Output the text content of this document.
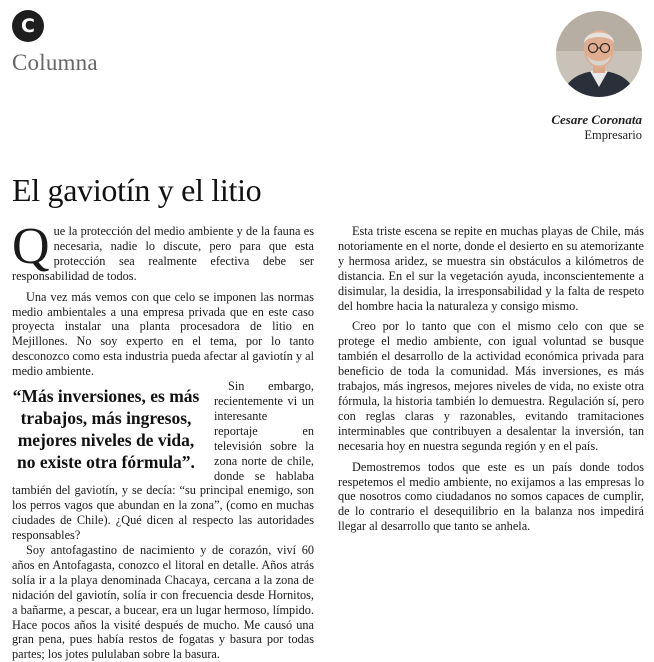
C
Columna
Cesare Coronata
Empresario
El gaviotín y el litio

Q ue la protección del medio ambiente y de la fauna es necesaria, nadie lo discute, pero para que esta protección sea realmente efectiva debe ser responsabilidad de todos.

Una vez más vemos con que celo se imponen las normas medio ambientales a una empresa privada que en este caso proyecta instalar una planta procesadora de litio en Mejillones. No soy experto en el tema, por lo tanto desconozco como esta industria pueda afectar al gaviotín y al medio ambiente.

“Más inversiones, es más trabajos, más ingresos, mejores niveles de vida, no existe otra fórmula”.

Sin embargo, recientemente vi un interesante reportaje en televisión sobre la zona norte de chile, donde se hablaba también del gaviotín, y se decía: “su principal enemigo, son los perros vagos que abundan en la zona”, (como en muchas ciudades de Chile). ¿Qué dicen al respecto las autoridades responsables?

Soy antofagastino de nacimiento y de corazón, viví 60 años en Antofagasta, conozco el litoral en detalle. Años atrás solía ir a la playa denominada Chacaya, cercana a la zona de nidación del gaviotín, solía ir con frecuencia desde Hornitos, a bañarme, a pescar, a bucear, era un lugar hermoso, límpido. Hace pocos años la visité después de mucho. Me causó una gran pena, pues había restos de fogatas y basura por todas partes; los jotes pululaban sobre la basura.

Esta triste escena se repite en muchas playas de Chile, más notoriamente en el norte, donde el desierto en su atemorizante y hermosa aridez, se muestra sin obstáculos a kilómetros de distancia. En el sur la vegetación ayuda, inconscientemente a disimular, la desidia, la irresponsabilidad y la falta de respeto del hombre hacia la naturaleza y consigo mismo.

Creo por lo tanto que con el mismo celo con que se protege el medio ambiente, con igual voluntad se busque también el desarrollo de la actividad económica privada para beneficio de toda la comunidad. Más inversiones, es más trabajos, más ingresos, mejores niveles de vida, no existe otra fórmula, la historia también lo demuestra. Regulación sí, pero con reglas claras y razonables, evitando tramitaciones interminables que contribuyen a desalentar la inversión, tan necesaria hoy en nuestra segunda región y en el país.

Demostremos todos que este es un país donde todos respetemos el medio ambiente, no exijamos a las empresas lo que nosotros como ciudadanos no somos capaces de cumplir, de lo contrario el desequilibrio en la balanza nos impedirá llegar al desarrollo que tanto se anhela.
